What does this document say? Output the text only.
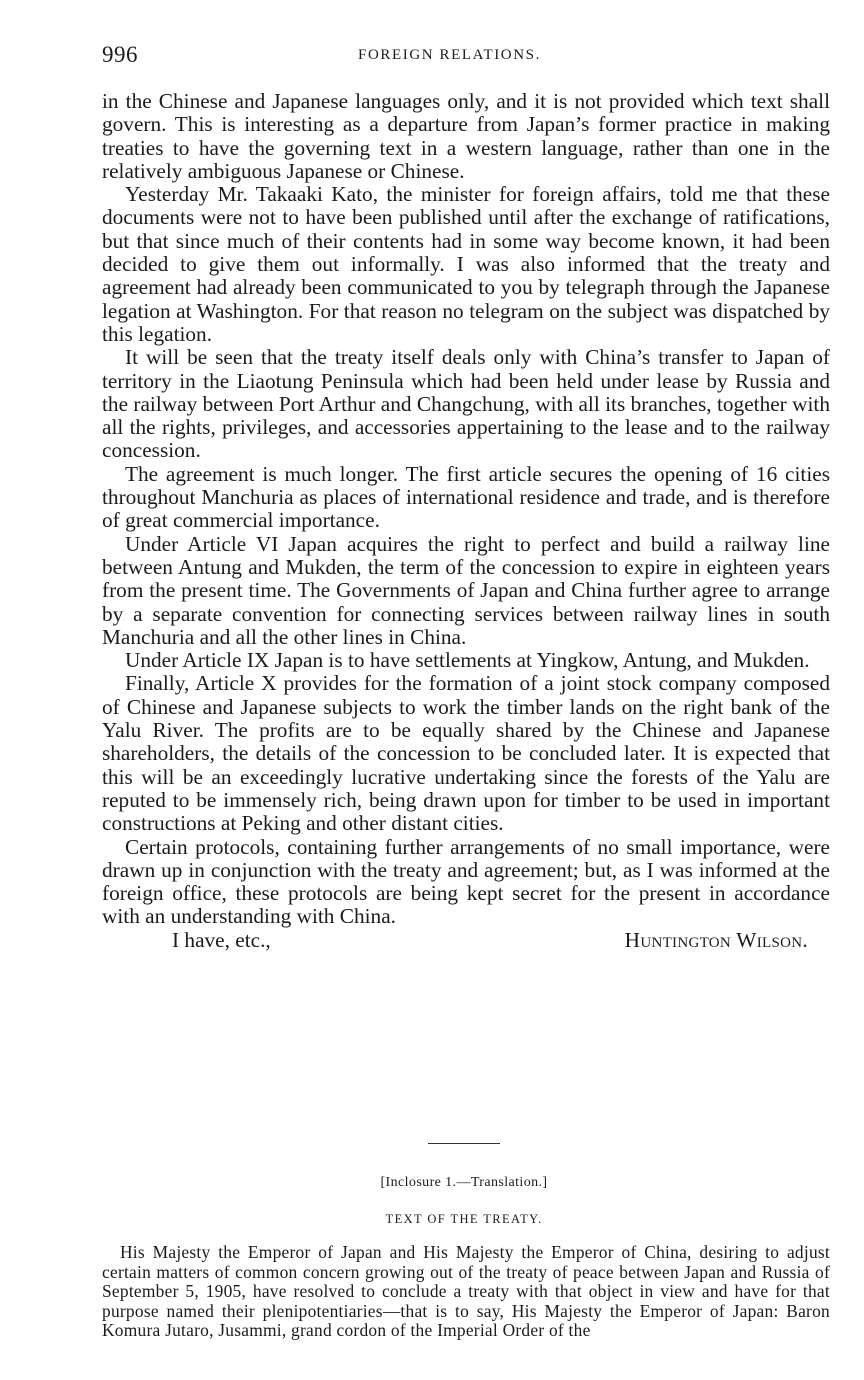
996	FOREIGN RELATIONS.

in the Chinese and Japanese languages only, and it is not provided which text shall govern. This is interesting as a departure from Japan’s former practice in making treaties to have the governing text in a western language, rather than one in the relatively ambiguous Japanese or Chinese.

Yesterday Mr. Takaaki Kato, the minister for foreign affairs, told me that these documents were not to have been published until after the exchange of ratifications, but that since much of their contents had in some way become known, it had been decided to give them out informally. I was also informed that the treaty and agreement had already been communicated to you by telegraph through the Japanese legation at Washington. For that reason no telegram on the subject was dispatched by this legation.

It will be seen that the treaty itself deals only with China’s transfer to Japan of territory in the Liaotung Peninsula which had been held under lease by Russia and the railway between Port Arthur and Changchung, with all its branches, together with all the rights, privileges, and accessories appertaining to the lease and to the railway concession.

The agreement is much longer. The first article secures the opening of 16 cities throughout Manchuria as places of international residence and trade, and is therefore of great commercial importance.

Under Article VI Japan acquires the right to perfect and build a railway line between Antung and Mukden, the term of the concession to expire in eighteen years from the present time. The Governments of Japan and China further agree to arrange by a separate convention for connecting services between railway lines in south Manchuria and all the other lines in China.

Under Article IX Japan is to have settlements at Yingkow, Antung, and Mukden.

Finally, Article X provides for the formation of a joint stock company composed of Chinese and Japanese subjects to work the timber lands on the right bank of the Yalu River. The profits are to be equally shared by the Chinese and Japanese shareholders, the details of the concession to be concluded later. It is expected that this will be an exceedingly lucrative undertaking since the forests of the Yalu are reputed to be immensely rich, being drawn upon for timber to be used in important constructions at Peking and other distant cities.

Certain protocols, containing further arrangements of no small importance, were drawn up in conjunction with the treaty and agreement; but, as I was informed at the foreign office, these protocols are being kept secret for the present in accordance with an understanding with China.

I have, etc.,	Huntington Wilson.
[Inclosure 1.—Translation.]
TEXT OF THE TREATY.

His Majesty the Emperor of Japan and His Majesty the Emperor of China, desiring to adjust certain matters of common concern growing out of the treaty of peace between Japan and Russia of September 5, 1905, have resolved to conclude a treaty with that object in view and have for that purpose named their plenipotentiaries—that is to say, His Majesty the Emperor of Japan: Baron Komura Jutaro, Jusammi, grand cordon of the Imperial Order of the
